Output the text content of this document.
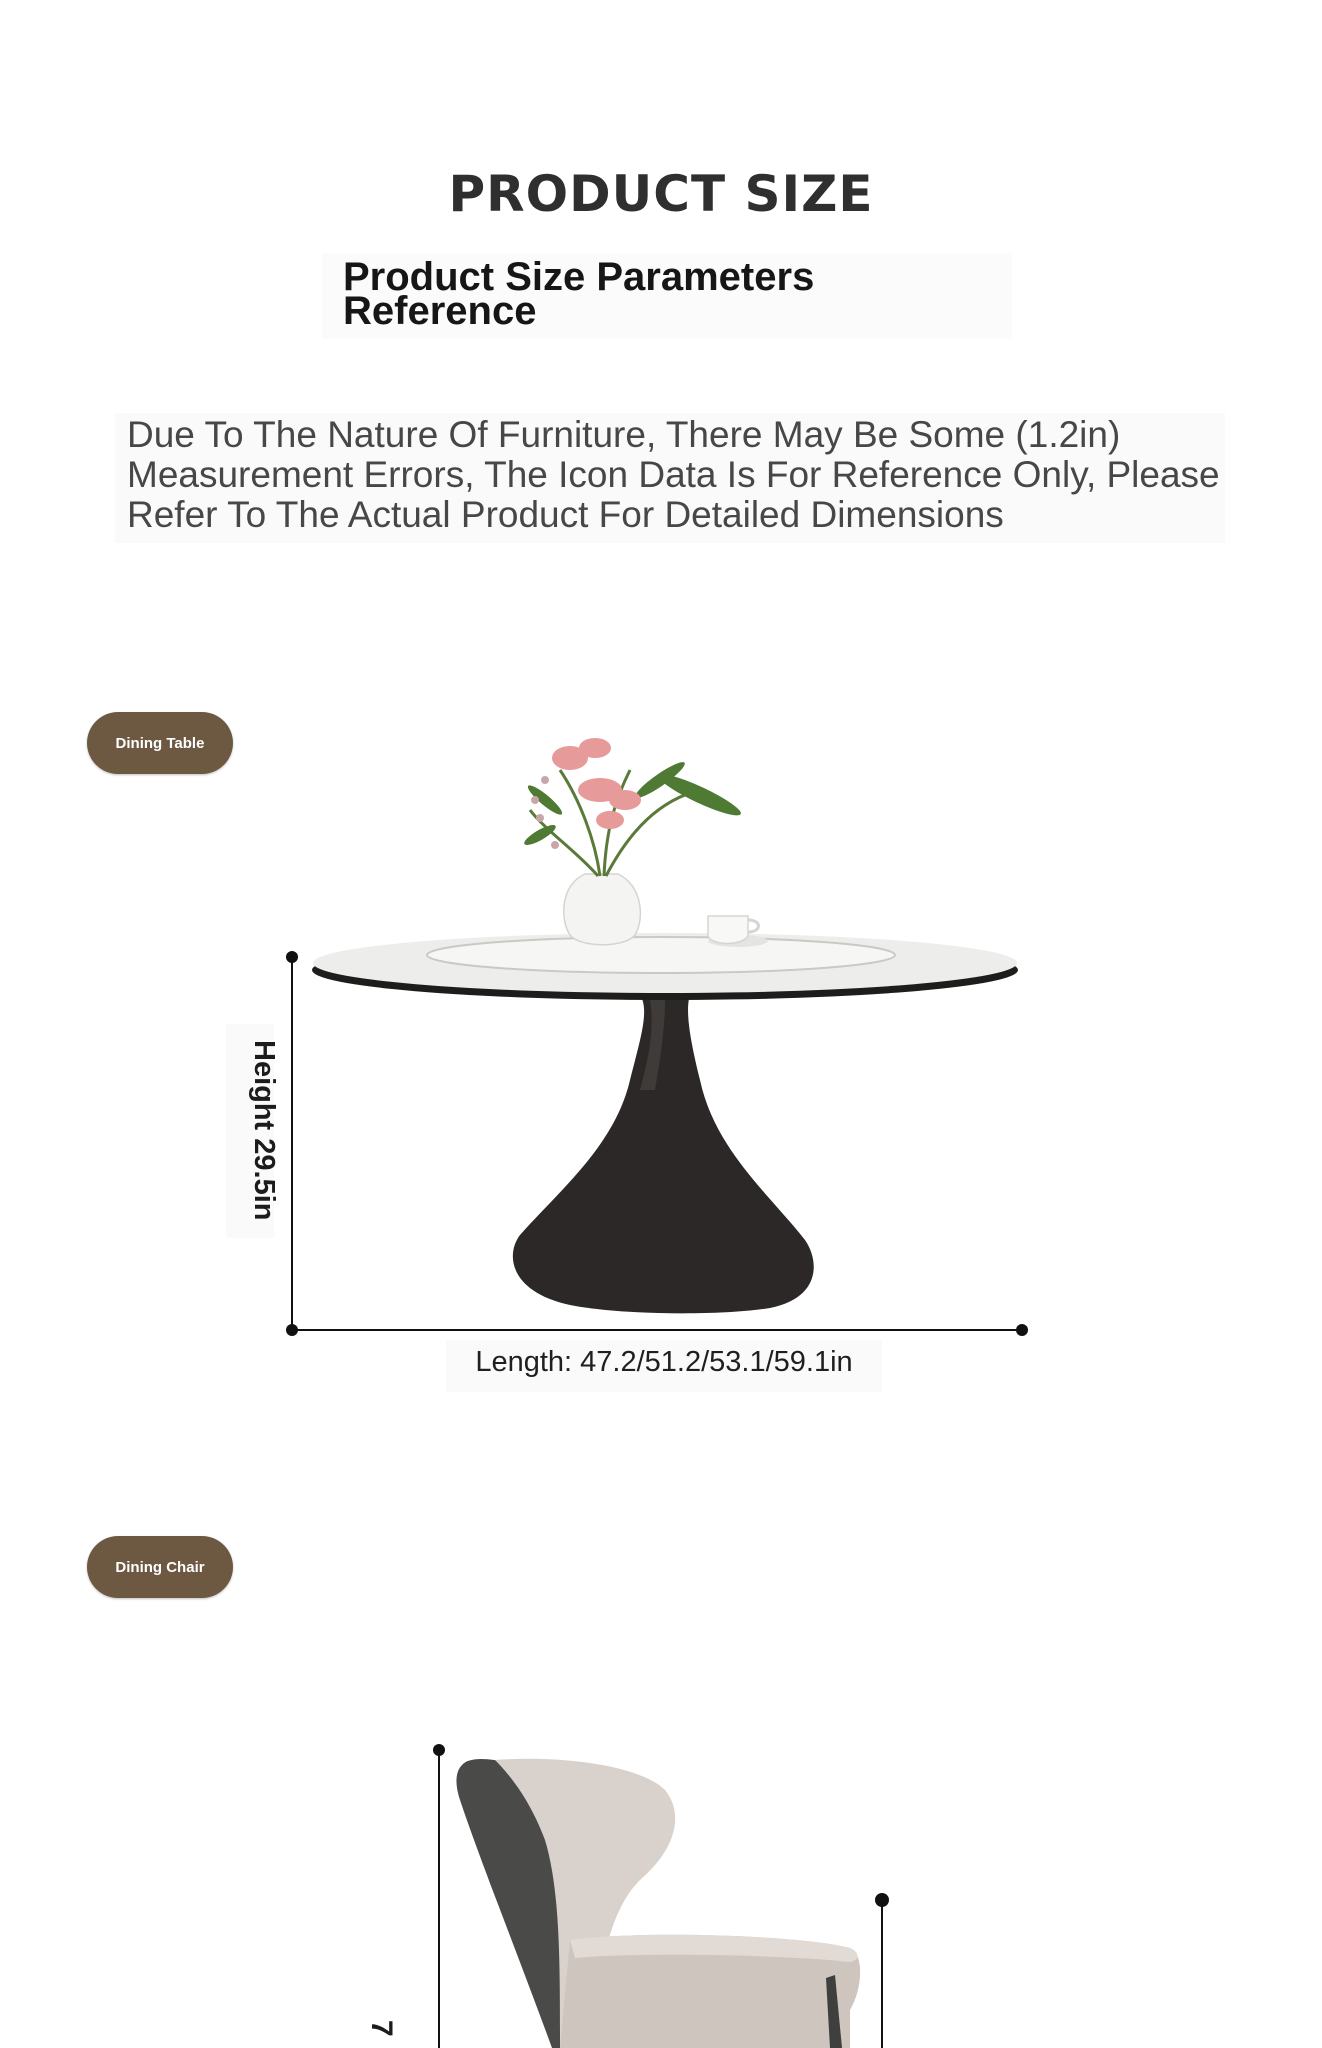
PRODUCT SIZE
Product Size Parameters Reference
Due To The Nature Of Furniture, There May Be Some (1.2in) Measurement Errors, The Icon Data Is For Reference Only, Please Refer To The Actual Product For Detailed Dimensions
Dining Table
Height 29.5in
Length: 47.2/51.2/53.1/59.1in
Dining Chair
7
